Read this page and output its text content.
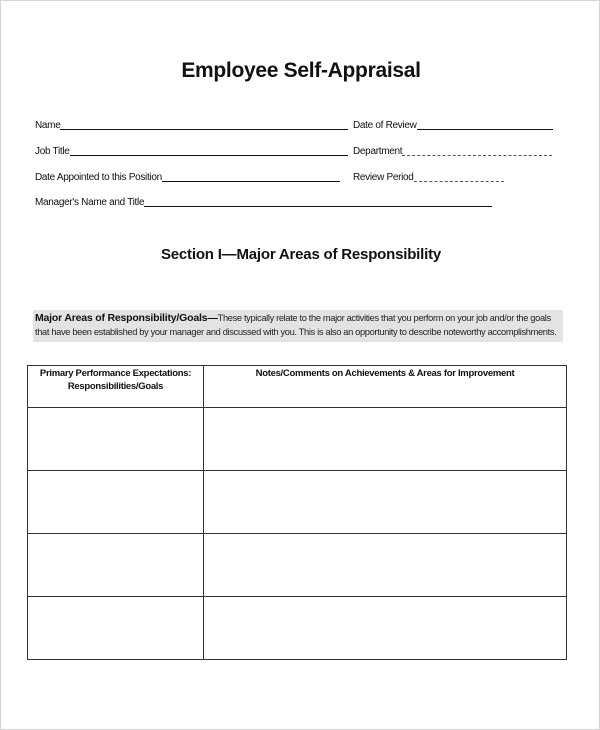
Employee Self-Appraisal
Name	Date of Review
Job Title	Department
Date Appointed to this Position	Review Period
Manager's Name and Title
Section I—Major Areas of Responsibility
Major Areas of Responsibility/Goals—These typically relate to the major activities that you perform on your job and/or the goals that have been established by your manager and discussed with you. This is also an opportunity to describe noteworthy accomplishments.
Primary Performance Expectations: Responsibilities/Goals	Notes/Comments on Achievements & Areas for Improvement
